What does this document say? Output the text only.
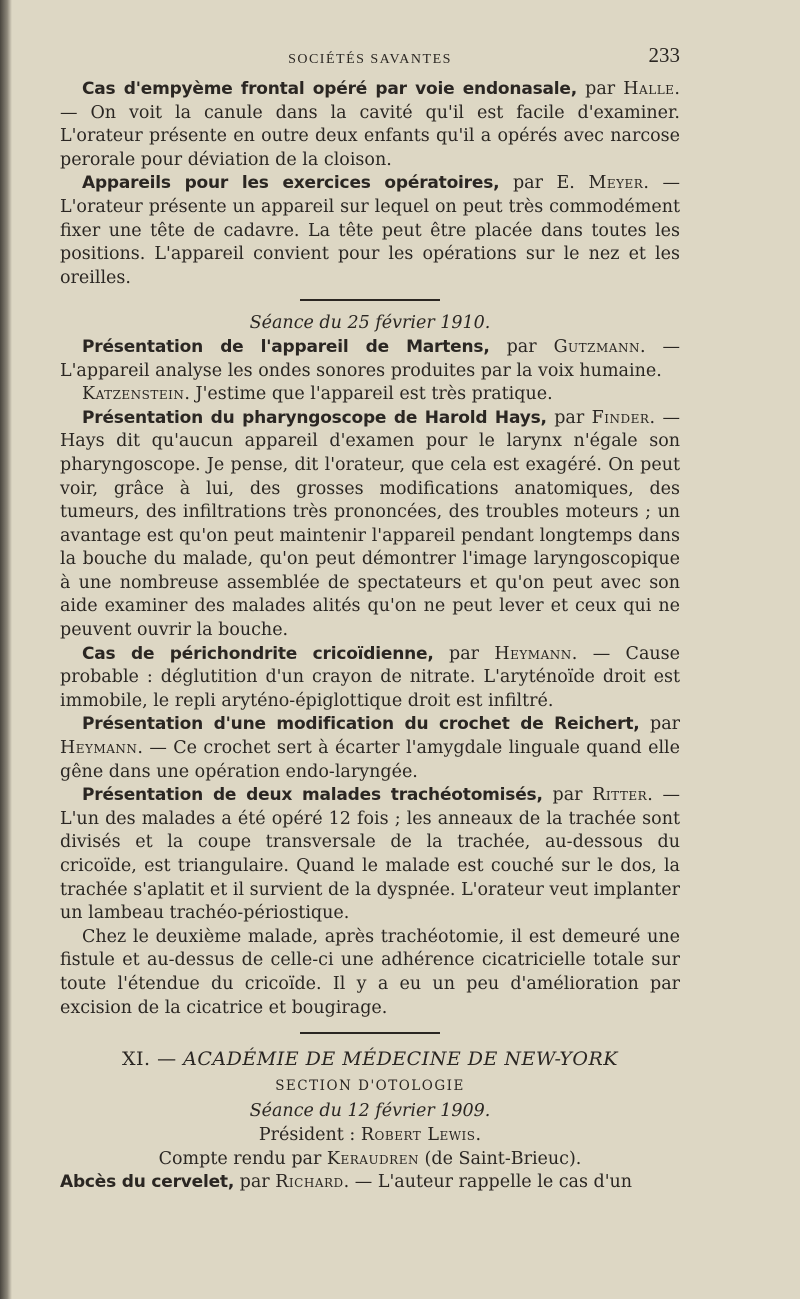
SOCIÉTÉS SAVANTES	233

Cas d'empyème frontal opéré par voie endonasale, par Halle. — On voit la canule dans la cavité qu'il est facile d'examiner. L'orateur présente en outre deux enfants qu'il a opérés avec narcose perorale pour déviation de la cloison.

Appareils pour les exercices opératoires, par E. Meyer. — L'orateur présente un appareil sur lequel on peut très commodément fixer une tête de cadavre. La tête peut être placée dans toutes les positions. L'appareil convient pour les opérations sur le nez et les oreilles.

Séance du 25 février 1910.

Présentation de l'appareil de Martens, par Gutzmann. — L'appareil analyse les ondes sonores produites par la voix humaine.

Katzenstein. J'estime que l'appareil est très pratique.

Présentation du pharyngoscope de Harold Hays, par Finder. — Hays dit qu'aucun appareil d'examen pour le larynx n'égale son pharyngoscope. Je pense, dit l'orateur, que cela est exagéré. On peut voir, grâce à lui, des grosses modifications anatomiques, des tumeurs, des infiltrations très prononcées, des troubles moteurs ; un avantage est qu'on peut maintenir l'appareil pendant longtemps dans la bouche du malade, qu'on peut démontrer l'image laryngoscopique à une nombreuse assemblée de spectateurs et qu'on peut avec son aide examiner des malades alités qu'on ne peut lever et ceux qui ne peuvent ouvrir la bouche.

Cas de périchondrite cricoïdienne, par Heymann. — Cause probable : déglutition d'un crayon de nitrate. L'aryténoïde droit est immobile, le repli aryténo-épiglottique droit est infiltré.

Présentation d'une modification du crochet de Reichert, par Heymann. — Ce crochet sert à écarter l'amygdale linguale quand elle gêne dans une opération endo-laryngée.

Présentation de deux malades trachéotomisés, par Ritter. — L'un des malades a été opéré 12 fois ; les anneaux de la trachée sont divisés et la coupe transversale de la trachée, au-dessous du cricoïde, est triangulaire. Quand le malade est couché sur le dos, la trachée s'aplatit et il survient de la dyspnée. L'orateur veut implanter un lambeau trachéo-périostique.

Chez le deuxième malade, après trachéotomie, il est demeuré une fistule et au-dessus de celle-ci une adhérence cicatricielle totale sur toute l'étendue du cricoïde. Il y a eu un peu d'amélioration par excision de la cicatrice et bougirage.

XI. — ACADÉMIE DE MÉDECINE DE NEW-YORK
SECTION D'OTOLOGIE

Séance du 12 février 1909.

Président : Robert Lewis.

Compte rendu par Keraudren (de Saint-Brieuc).

Abcès du cervelet, par Richard. — L'auteur rappelle le cas d'un
